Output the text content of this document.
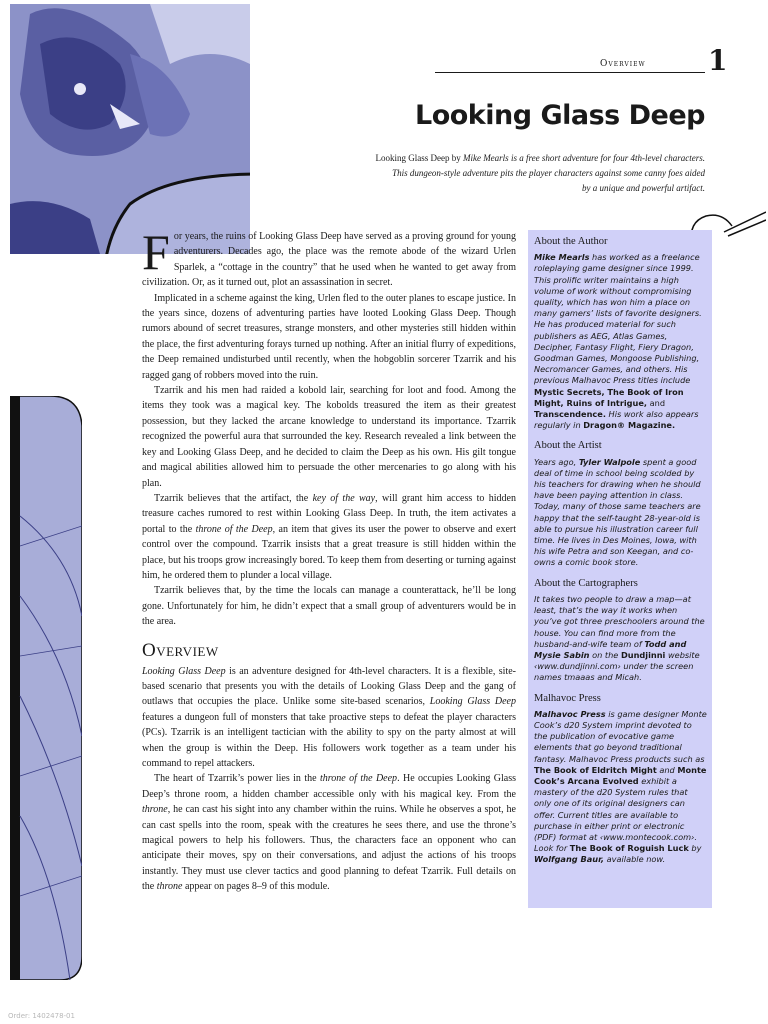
Overview 1
Looking Glass Deep
Looking Glass Deep by Mike Mearls is a free short adventure for four 4th-level characters.
This dungeon-style adventure pits the player characters against some canny foes aided
by a unique and powerful artifact.

For years, the ruins of Looking Glass Deep have served as a proving ground for young adventurers. Decades ago, the place was the remote abode of the wizard Urlen Sparlek, a “cottage in the country” that he used when he wanted to get away from civilization. Or, as it turned out, plot an assassination in secret.

Implicated in a scheme against the king, Urlen fled to the outer planes to escape justice. In the years since, dozens of adventuring parties have looted Looking Glass Deep. Though rumors abound of secret treasures, strange monsters, and other mysteries still hidden within the place, the first adventuring forays turned up nothing. After an initial flurry of expeditions, the Deep remained undisturbed until recently, when the hobgoblin sorcerer Tzarrik and his ragged gang of robbers moved into the ruin.

Tzarrik and his men had raided a kobold lair, searching for loot and food. Among the items they took was a magical key. The kobolds treasured the item as their greatest possession, but they lacked the arcane knowledge to understand its importance. Tzarrik recognized the powerful aura that surrounded the key. Research revealed a link between the key and Looking Glass Deep, and he decided to claim the Deep as his own. His gilt tongue and magical abilities allowed him to persuade the other mercenaries to go along with his plan.

Tzarrik believes that the artifact, the key of the way, will grant him access to hidden treasure caches rumored to rest within Looking Glass Deep. In truth, the item activates a portal to the throne of the Deep, an item that gives its user the power to observe and exert control over the compound. Tzarrik insists that a great treasure is still hidden within the place, but his troops grow increasingly bored. To keep them from deserting or turning against him, he ordered them to plunder a local village.

Tzarrik believes that, by the time the locals can manage a counterattack, he’ll be long gone. Unfortunately for him, he didn’t expect that a small group of adventurers would be in the area.

Overview

Looking Glass Deep is an adventure designed for 4th-level characters. It is a flexible, site-based scenario that presents you with the details of Looking Glass Deep and the gang of outlaws that occupies the place. Unlike some site-based scenarios, Looking Glass Deep features a dungeon full of monsters that take proactive steps to defeat the player characters (PCs). Tzarrik is an intelligent tactician with the ability to spy on the party almost at will when the group is within the Deep. His followers work together as a team under his command to repel attackers.

The heart of Tzarrik’s power lies in the throne of the Deep. He occupies Looking Glass Deep’s throne room, a hidden chamber accessible only with his magical key. From the throne, he can cast his sight into any chamber within the ruins. While he observes a spot, he can cast spells into the room, speak with the creatures he sees there, and use the throne’s magical powers to help his followers. Thus, the characters face an opponent who can anticipate their moves, spy on their conversations, and adjust the actions of his troops instantly. They must use clever tactics and good planning to defeat Tzarrik. Full details on the throne appear on pages 8–9 of this module.

About the Author

Mike Mearls has worked as a freelance roleplaying game designer since 1999. This prolific writer maintains a high volume of work without compromising quality, which has won him a place on many gamers’ lists of favorite designers. He has produced material for such publishers as AEG, Atlas Games, Decipher, Fantasy Flight, Fiery Dragon, Goodman Games, Mongoose Publishing, Necromancer Games, and others. His previous Malhavoc Press titles include Mystic Secrets, The Book of Iron Might, Ruins of Intrigue, and Transcendence. His work also appears regularly in Dragon® Magazine.

About the Artist

Years ago, Tyler Walpole spent a good deal of time in school being scolded by his teachers for drawing when he should have been paying attention in class. Today, many of those same teachers are happy that the self-taught 28-year-old is able to pursue his illustration career full time. He lives in Des Moines, Iowa, with his wife Petra and son Keegan, and co-owns a comic book store.

About the Cartographers

It takes two people to draw a map—at least, that’s the way it works when you’ve got three preschoolers around the house. You can find more from the husband-and-wife team of Todd and Mysie Sabin on the Dundjinni website ‹www.dundjinni.com› under the screen names tmaaas and Micah.

Malhavoc Press

Malhavoc Press is game designer Monte Cook’s d20 System imprint devoted to the publication of evocative game elements that go beyond traditional fantasy. Malhavoc Press products such as The Book of Eldritch Might and Monte Cook’s Arcana Evolved exhibit a mastery of the d20 System rules that only one of its original designers can offer. Current titles are available to purchase in either print or electronic (PDF) format at ‹www.montecook.com›. Look for The Book of Roguish Luck by Wolfgang Baur, available now.

Order: 1402478-01
